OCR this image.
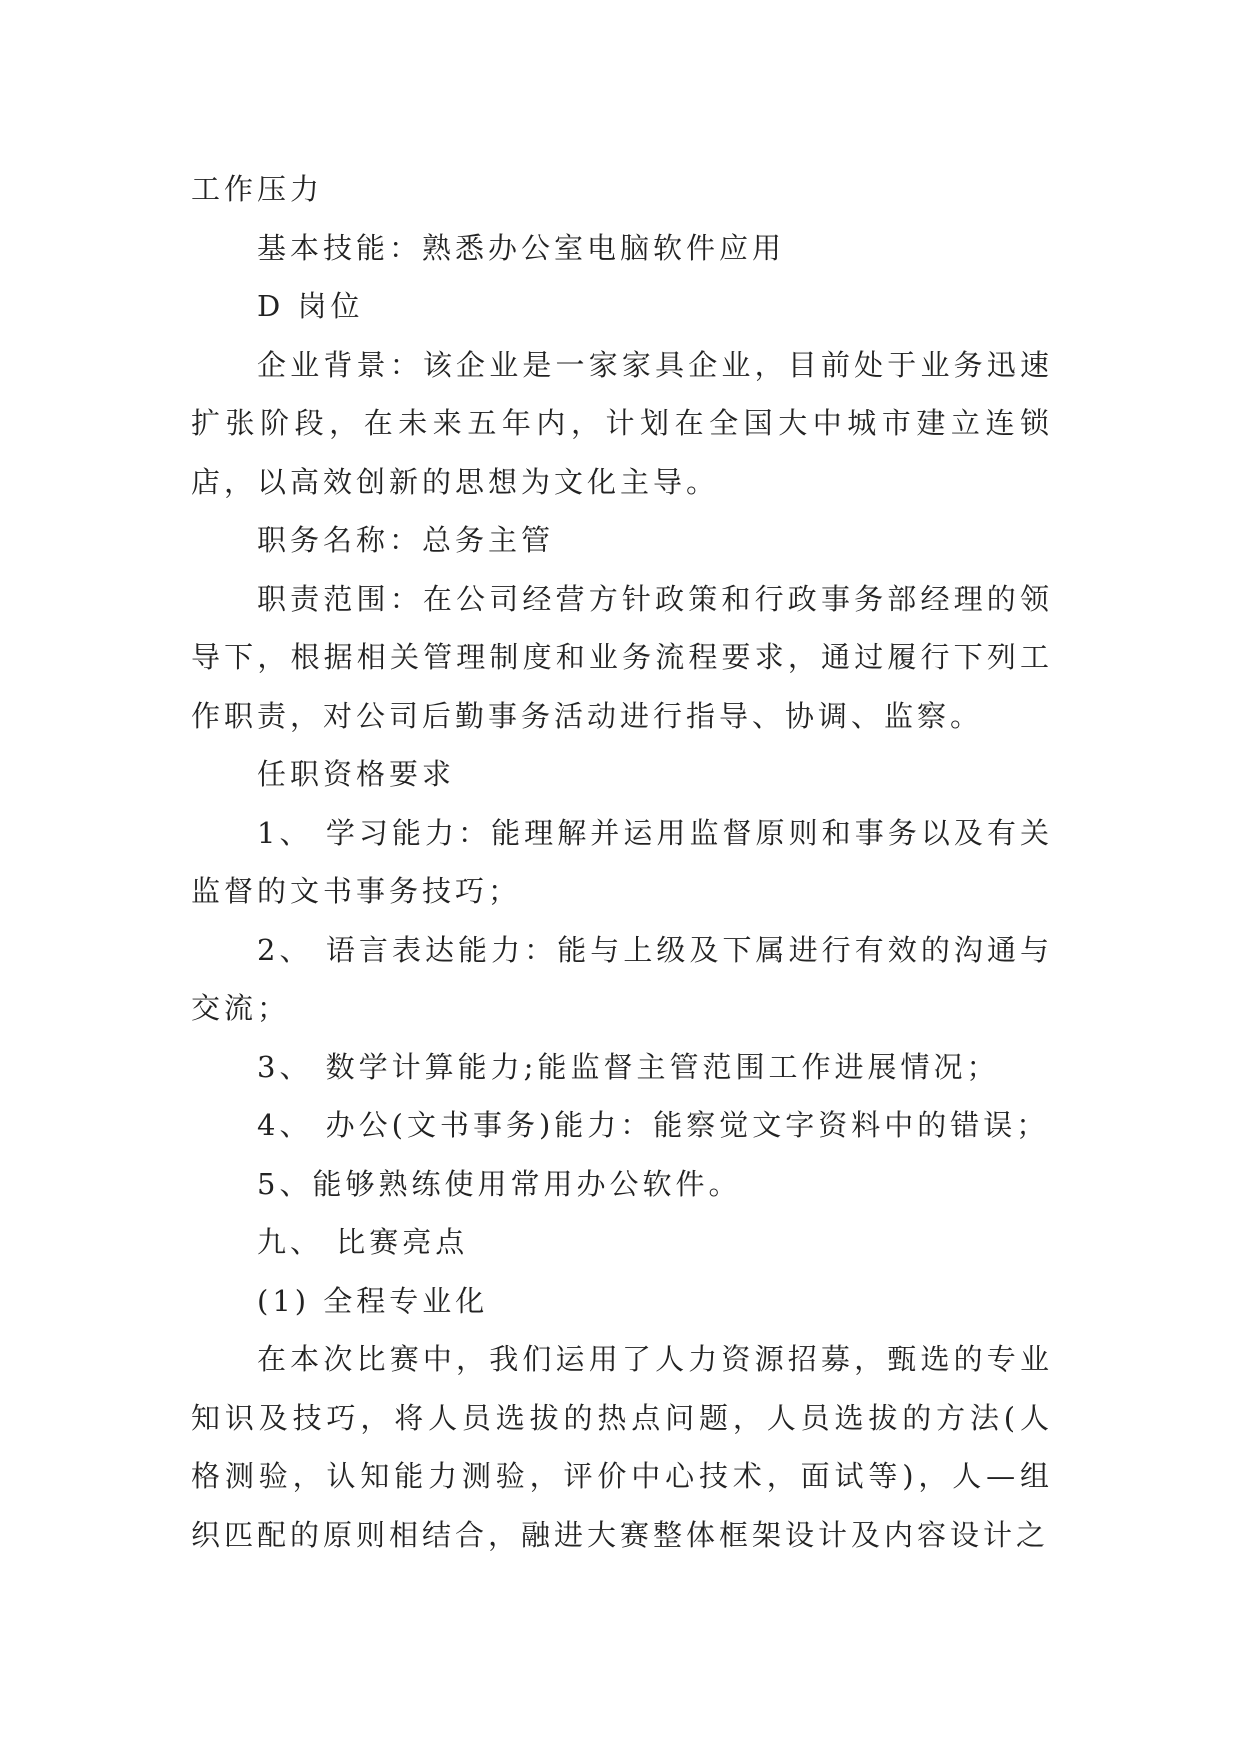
工作压力

基本技能：熟悉办公室电脑软件应用

D 岗位

企业背景：该企业是一家家具企业，目前处于业务迅速扩张阶段，在未来五年内，计划在全国大中城市建立连锁店，以高效创新的思想为文化主导。

职务名称：总务主管

职责范围：在公司经营方针政策和行政事务部经理的领导下，根据相关管理制度和业务流程要求，通过履行下列工作职责，对公司后勤事务活动进行指导、协调、监察。

任职资格要求

1、 学习能力：能理解并运用监督原则和事务以及有关监督的文书事务技巧；

2、 语言表达能力：能与上级及下属进行有效的沟通与交流；

3、 数学计算能力;能监督主管范围工作进展情况；

4、 办公(文书事务)能力：能察觉文字资料中的错误；

5、能够熟练使用常用办公软件。

九、 比赛亮点

(1) 全程专业化

在本次比赛中，我们运用了人力资源招募，甄选的专业知识及技巧，将人员选拔的热点问题，人员选拔的方法(人格测验，认知能力测验，评价中心技术，面试等)，人—组织匹配的原则相结合，融进大赛整体框架设计及内容设计之
